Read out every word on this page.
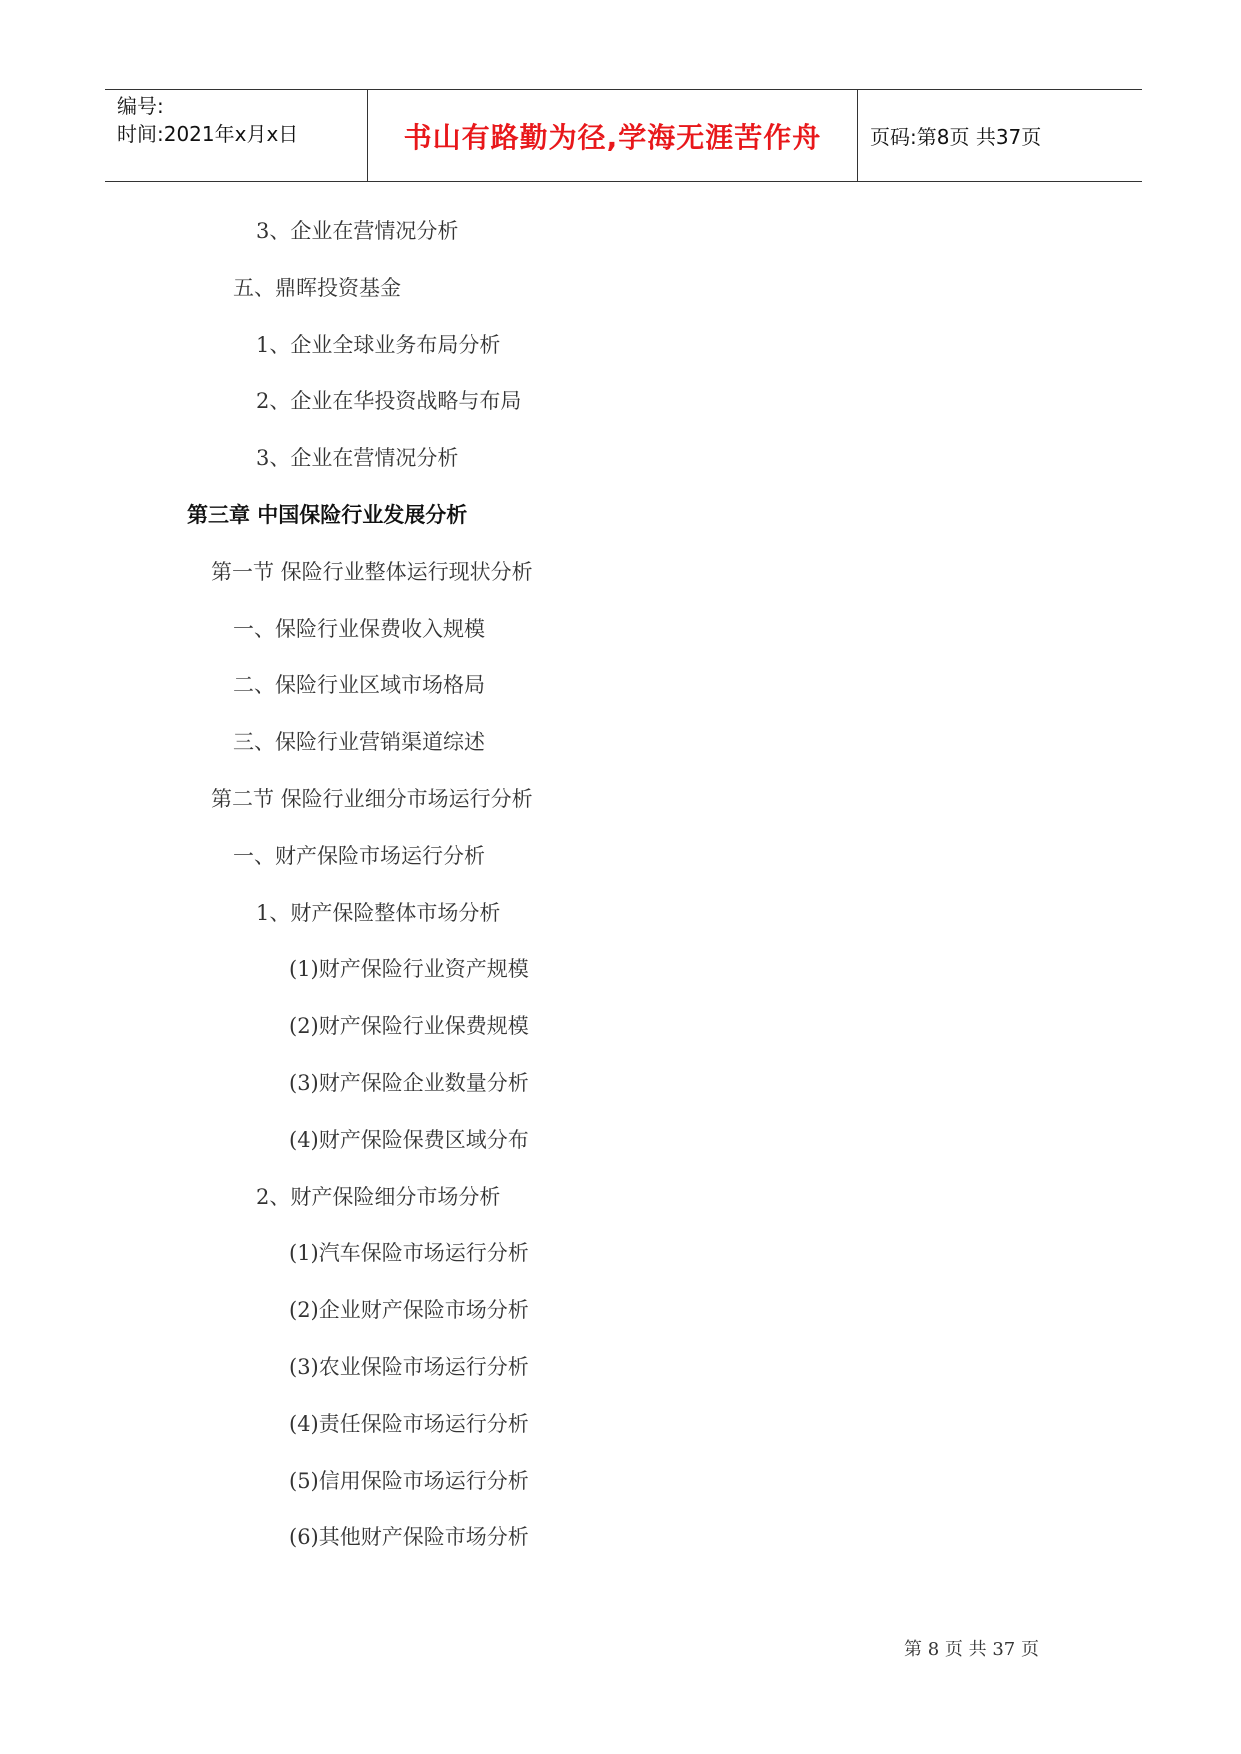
编号:
时间:2021年x月x日	书山有路勤为径,学海无涯苦作舟 页码:第8页 共37页
3、企业在营情况分析
五、鼎晖投资基金
1、企业全球业务布局分析
2、企业在华投资战略与布局
3、企业在营情况分析
第三章 中国保险行业发展分析
第一节 保险行业整体运行现状分析
一、保险行业保费收入规模
二、保险行业区域市场格局
三、保险行业营销渠道综述
第二节 保险行业细分市场运行分析
一、财产保险市场运行分析
1、财产保险整体市场分析
(1)财产保险行业资产规模
(2)财产保险行业保费规模
(3)财产保险企业数量分析
(4)财产保险保费区域分布
2、财产保险细分市场分析
(1)汽车保险市场运行分析
(2)企业财产保险市场分析
(3)农业保险市场运行分析
(4)责任保险市场运行分析
(5)信用保险市场运行分析
(6)其他财产保险市场分析
第 8 页 共 37 页
